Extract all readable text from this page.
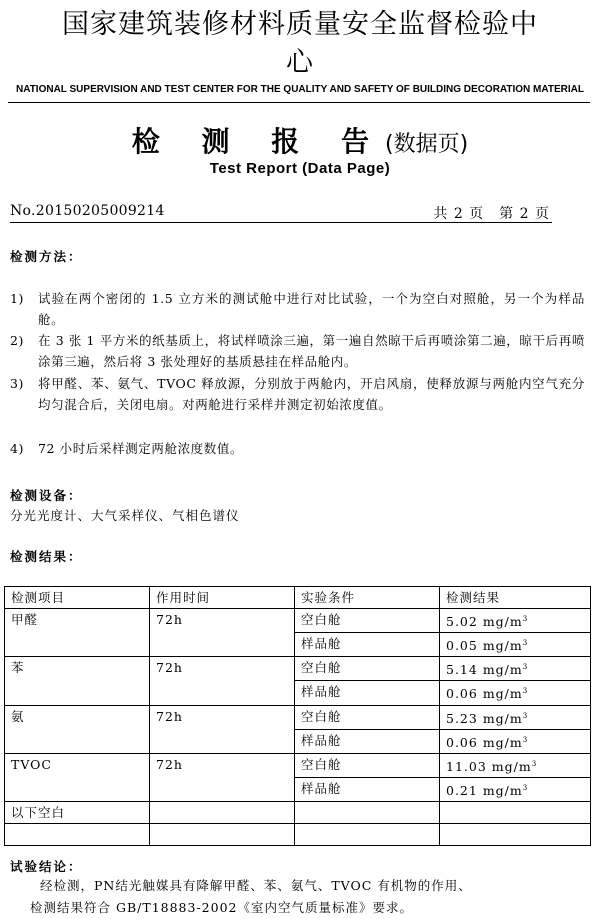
国家建筑装修材料质量安全监督检验中
心
NATIONAL SUPERVISION AND TEST CENTER FOR THE QUALITY AND SAFETY OF BUILDING DECORATION MATERIAL
检 测 报 告(数据页)
Test Report (Data Page)
No.20150205009214	共 2 页　第 2 页
检测方法：
1) 试验在两个密闭的 1.5 立方米的测试舱中进行对比试验，一个为空白对照舱，另一个为样品舱。
2) 在 3 张 1 平方米的纸基质上，将试样喷涂三遍，第一遍自然晾干后再喷涂第二遍，晾干后再喷涂第三遍，然后将 3 张处理好的基质悬挂在样品舱内。
3) 将甲醛、苯、氨气、TVOC 释放源，分别放于两舱内，开启风扇，使释放源与两舱内空气充分均匀混合后，关闭电扇。对两舱进行采样并测定初始浓度值。
4) 72 小时后采样测定两舱浓度数值。
检测设备：
分光光度计、大气采样仪、气相色谱仪
检测结果：
检测项目	作用时间	实验条件	检测结果
甲醛	72h	空白舱	5.02 $mg/m^3$
		样品舱	0.05 $mg/m^3$
苯	72h	空白舱	5.14 $mg/m^3$
		样品舱	0.06 $mg/m^3$
氨	72h	空白舱	5.23 $mg/m^3$
		样品舱	0.06 $mg/m^3$
TVOC	72h	空白舱	11.03 $mg/m^3$
		样品舱	0.21 $mg/m^3$
以下空白			

试验结论：
经检测，PN结光触媒具有降解甲醛、苯、氨气、TVOC 有机物的作用、
检测结果符合 GB/T18883-2002《室内空气质量标准》要求。
